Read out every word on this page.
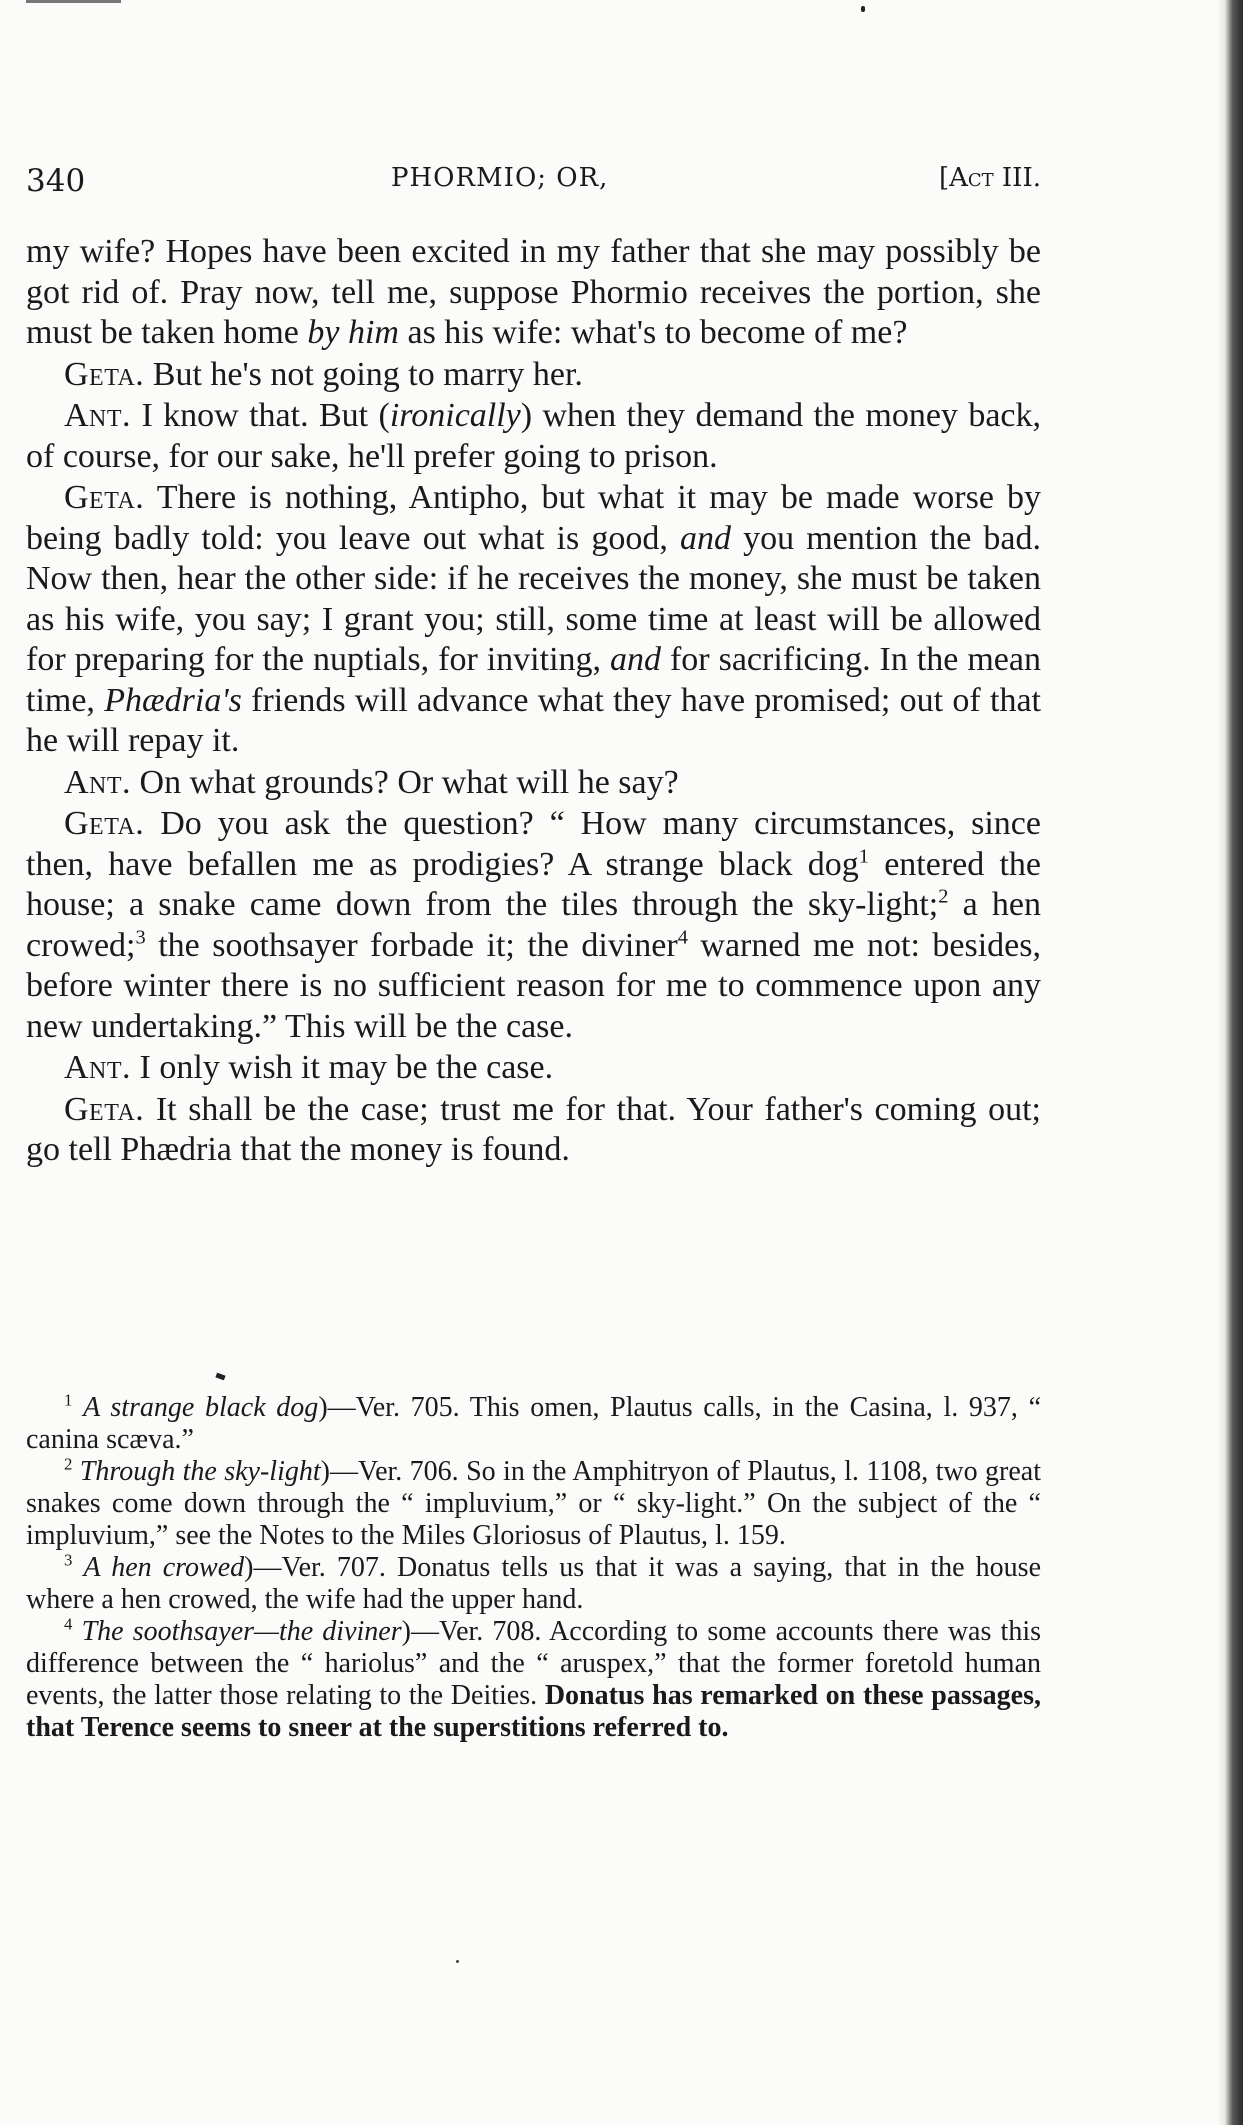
340	PHORMIO; OR,	[Act III.

my wife? Hopes have been excited in my father that she may possibly be got rid of. Pray now, tell me, suppose Phormio receives the portion, she must be taken home by him as his wife: what's to become of me?

Geta. But he's not going to marry her.

Ant. I know that. But (ironically) when they demand the money back, of course, for our sake, he'll prefer going to prison.

Geta. There is nothing, Antipho, but what it may be made worse by being badly told: you leave out what is good, and you mention the bad. Now then, hear the other side: if he receives the money, she must be taken as his wife, you say; I grant you; still, some time at least will be allowed for preparing for the nuptials, for inviting, and for sacrificing. In the mean time, Phædria's friends will advance what they have promised; out of that he will repay it.

Ant. On what grounds? Or what will he say?

Geta. Do you ask the question? “ How many circumstances, since then, have befallen me as prodigies? A strange black dog$^1$ entered the house; a snake came down from the tiles through the sky-light;$^2$ a hen crowed;$^3$ the soothsayer forbade it; the diviner$^4$ warned me not: besides, before winter there is no sufficient reason for me to commence upon any new undertaking.” This will be the case.

Ant. I only wish it may be the case.

Geta. It shall be the case; trust me for that. Your father's coming out; go tell Phædria that the money is found.

$^1$ A strange black dog)—Ver. 705. This omen, Plautus calls, in the Casina, l. 937, “ canina scæva.”

$^2$ Through the sky-light)—Ver. 706. So in the Amphitryon of Plautus, l. 1108, two great snakes come down through the “ impluvium,” or “ sky-light.” On the subject of the “ impluvium,” see the Notes to the Miles Gloriosus of Plautus, l. 159.

$^3$ A hen crowed)—Ver. 707. Donatus tells us that it was a saying, that in the house where a hen crowed, the wife had the upper hand.

$^4$ The soothsayer—the diviner)—Ver. 708. According to some accounts there was this difference between the “ hariolus” and the “ aruspex,” that the former foretold human events, the latter those relating to the Deities. Donatus has remarked on these passages, that Terence seems to sneer at the superstitions referred to.
